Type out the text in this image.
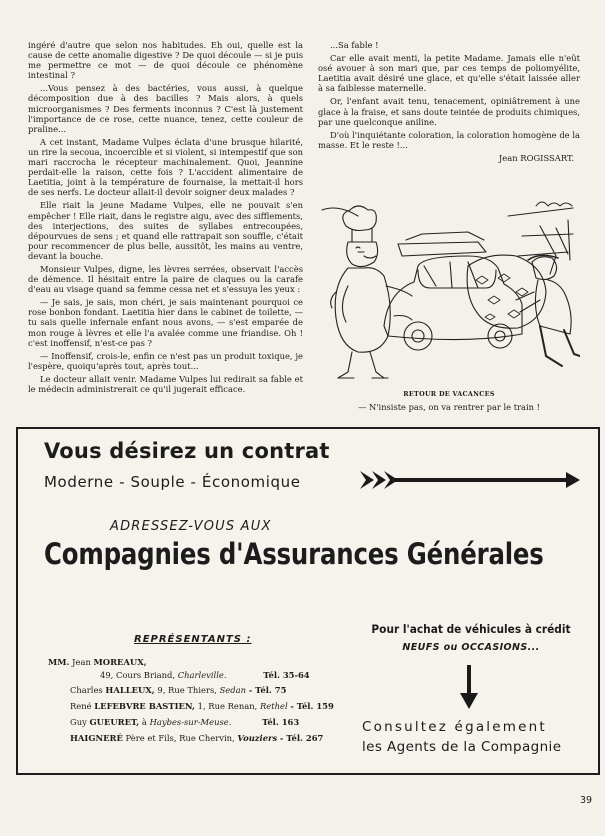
ingéré d'autre que selon nos habitudes. Eh oui, quelle est la cause de cette anomalie digestive ? De quoi découle — si je puis me permettre ce mot — de quoi découle ce phénomène intestinal ?

...Vous pensez à des bactéries, vous aussi, à quelque décomposition due à des bacilles ? Mais alors, à quels microorganismes ? Des ferments inconnus ? C'est là justement l'importance de ce rose, cette nuance, tenez, cette couleur de praline...

A cet instant, Madame Vulpes éclata d'une brusque hilarité, un rire la secoua, incoercible et si violent, si intempestif que son mari raccrocha le récepteur machinalement. Quoi, Jeannine perdait-elle la raison, cette fois ? L'accident alimentaire de Laetitia, joint à la température de fournaise, la mettait-il hors de ses nerfs. Le docteur allait-il devoir soigner deux malades ?

Elle riait la jeune Madame Vulpes, elle ne pouvait s'en empêcher ! Elle riait, dans le registre aigu, avec des sifflements, des interjections, des suites de syllabes entrecoupées, dépourvues de sens ; et quand elle rattrapait son souffle, c'était pour recommencer de plus belle, aussitôt, les mains au ventre, devant la bouche.

Monsieur Vulpes, digne, les lèvres serrées, observait l'accès de démence. Il hésitait entre la paire de claques ou la carafe d'eau au visage quand sa femme cessa net et s'essuya les yeux :

— Je sais, je sais, mon chéri, je sais maintenant pourquoi ce rose bonbon fondant. Laetitia hier dans le cabinet de toilette, — tu sais quelle infernale enfant nous avons, — s'est emparée de mon rouge à lèvres et elle l'a avalée comme une friandise. Oh ! c'est inoffensif, n'est-ce pas ?

— Inoffensif, crois-le, enfin ce n'est pas un produit toxique, je l'espère, quoiqu'après tout, après tout...

Le docteur allait venir. Madame Vulpes lui redirait sa fable et le médecin administrerait ce qu'il jugerait efficace.

...Sa fable !

Car elle avait menti, la petite Madame. Jamais elle n'eût osé avouer à son mari que, par ces temps de poliomyélite, Laetitia avait désiré une glace, et qu'elle s'était laissée aller à sa faiblesse maternelle.

Or, l'enfant avait tenu, tenacement, opiniâtrement à une glace à la fraise, et sans doute teintée de produits chimiques, par une quelconque aniline.

D'où l'inquiétante coloration, la coloration homogène de la masse. Et le reste !...

Jean ROGISSART.
RETOUR DE VACANCES
— N'insiste pas, on va rentrer par le train !
Vous désirez un contrat
Moderne - Souple - Économique
ADRESSEZ-VOUS AUX
Compagnies d'Assurances Générales
REPRÉSENTANTS :
MM. Jean MOREAUX,
49, Cours Briand, Charleville.	Tél. 35-64
Charles HALLEUX, 9, Rue Thiers, Sedan - Tél. 75
René LEFEBVRE BASTIEN, 1, Rue Renan, Rethel - Tél. 159
Guy GUEURET, à Haybes-sur-Meuse.	Tél. 163
HAIGNERÉ Père et Fils, Rue Chervin, Vouziers - Tél. 267
Pour l'achat de véhicules à crédit
NEUFS ou OCCASIONS...
Consultez également
les Agents de la Compagnie
39
